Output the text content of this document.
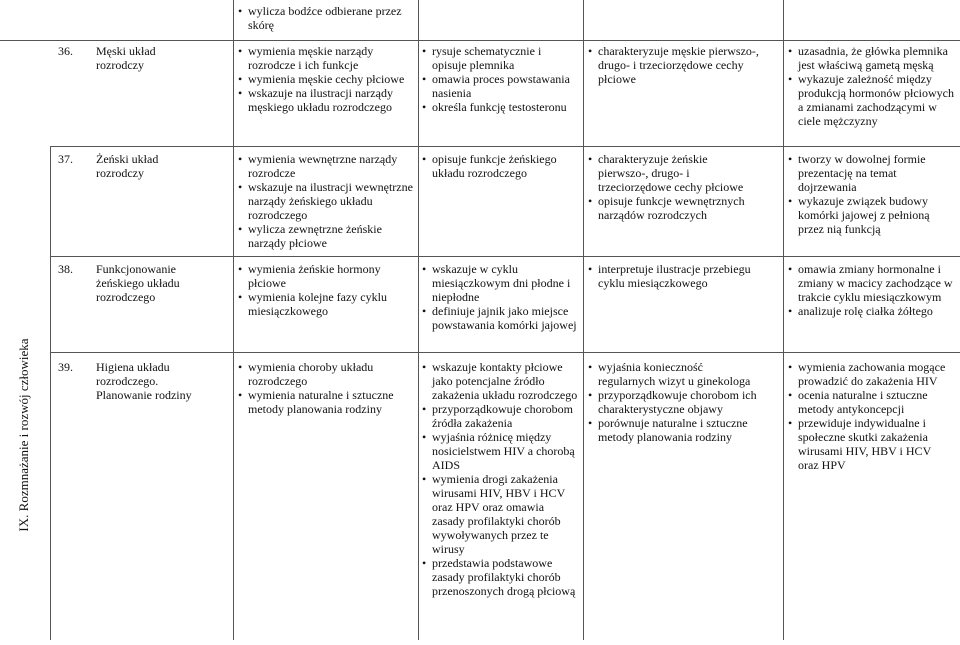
IX. Rozmnażanie i rozwój człowieka
• wylicza bodźce odbierane przez skórę
36. Męski układ rozrodczy
• wymienia męskie narządy rozrodcze i ich funkcje
• wymienia męskie cechy płciowe
• wskazuje na ilustracji narządy męskiego układu rozrodczego
• rysuje schematycznie i opisuje plemnika
• omawia proces powstawania nasienia
• określa funkcję testosteronu
• charakteryzuje męskie pierwszo-, drugo- i trzeciorzędowe cechy płciowe
• uzasadnia, że główka plemnika jest właściwą gametą męską
• wykazuje zależność między produkcją hormonów płciowych a zmianami zachodzącymi w ciele mężczyzny
37. Żeński układ rozrodczy
• wymienia wewnętrzne narządy rozrodcze
• wskazuje na ilustracji wewnętrzne narządy żeńskiego układu rozrodczego
• wylicza zewnętrzne żeńskie narządy płciowe
• opisuje funkcje żeńskiego układu rozrodczego
• charakteryzuje żeńskie pierwszo-, drugo- i trzeciorzędowe cechy płciowe
• opisuje funkcje wewnętrznych narządów rozrodczych
• tworzy w dowolnej formie prezentację na temat dojrzewania
• wykazuje związek budowy komórki jajowej z pełnioną przez nią funkcją
38. Funkcjonowanie żeńskiego układu rozrodczego
• wymienia żeńskie hormony płciowe
• wymienia kolejne fazy cyklu miesiączkowego
• wskazuje w cyklu miesiączkowym dni płodne i niepłodne
• definiuje jajnik jako miejsce powstawania komórki jajowej
• interpretuje ilustracje przebiegu cyklu miesiączkowego
• omawia zmiany hormonalne i zmiany w macicy zachodzące w trakcie cyklu miesiączkowym
• analizuje rolę ciałka żółtego
39. Higiena układu rozrodczego. Planowanie rodziny
• wymienia choroby układu rozrodczego
• wymienia naturalne i sztuczne metody planowania rodziny
• wskazuje kontakty płciowe jako potencjalne źródło zakażenia układu rozrodczego
• przyporządkowuje chorobom źródła zakażenia
• wyjaśnia różnicę między nosicielstwem HIV a chorobą AIDS
• wymienia drogi zakażenia wirusami HIV, HBV i HCV oraz HPV oraz omawia zasady profilaktyki chorób wywoływanych przez te wirusy
• przedstawia podstawowe zasady profilaktyki chorób przenoszonych drogą płciową
• wyjaśnia konieczność regularnych wizyt u ginekologa
• przyporządkowuje chorobom ich charakterystyczne objawy
• porównuje naturalne i sztuczne metody planowania rodziny
• wymienia zachowania mogące prowadzić do zakażenia HIV
• ocenia naturalne i sztuczne metody antykoncepcji
• przewiduje indywidualne i społeczne skutki zakażenia wirusami HIV, HBV i HCV oraz HPV
